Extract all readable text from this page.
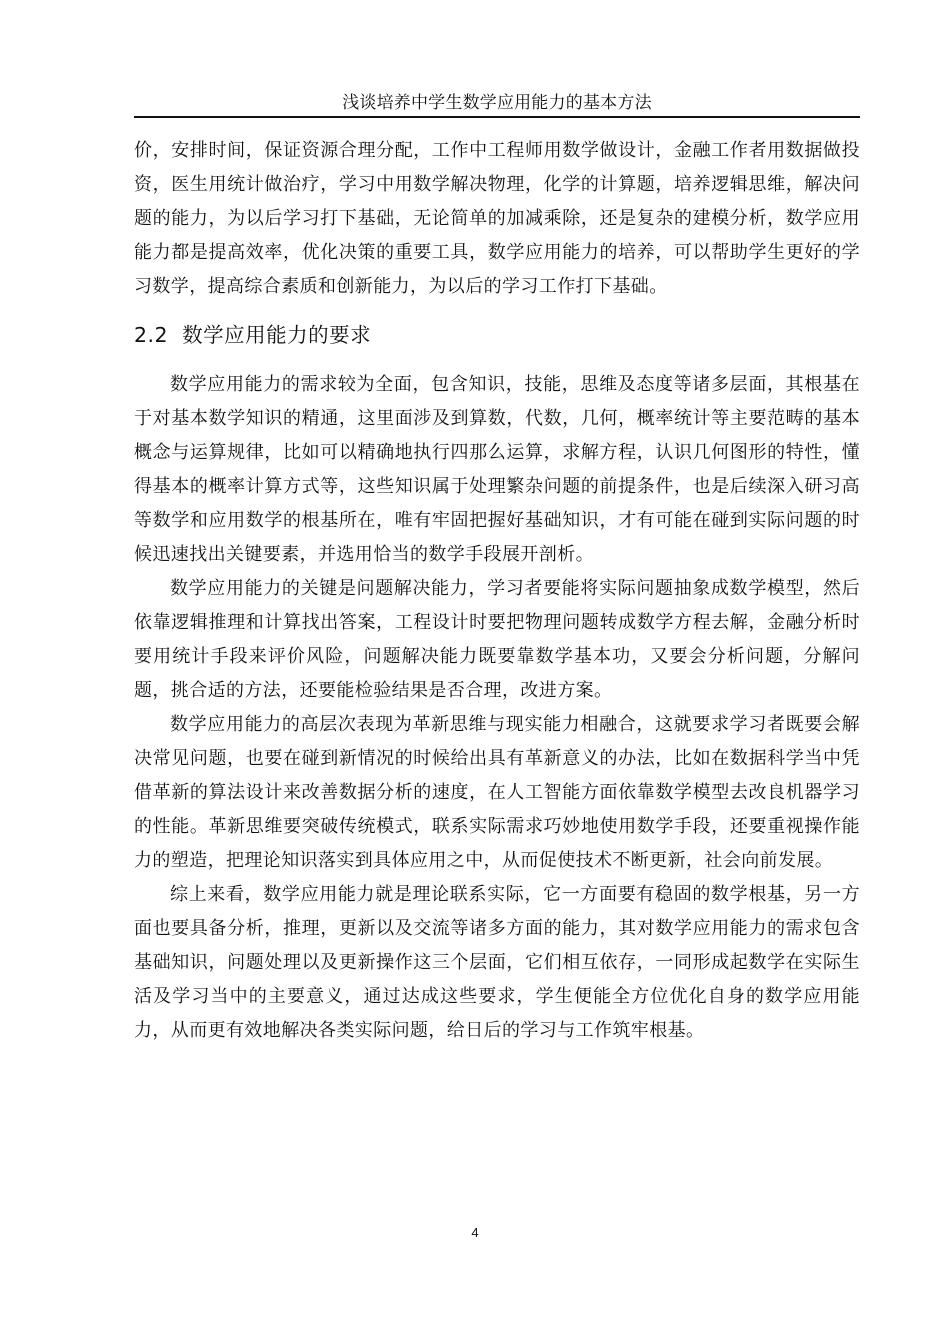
浅谈培养中学生数学应用能力的基本方法

价，安排时间，保证资源合理分配，工作中工程师用数学做设计，金融工作者用数据做投资，医生用统计做治疗，学习中用数学解决物理，化学的计算题，培养逻辑思维，解决问题的能力，为以后学习打下基础，无论简单的加减乘除，还是复杂的建模分析，数学应用能力都是提高效率，优化决策的重要工具，数学应用能力的培养，可以帮助学生更好的学习数学，提高综合素质和创新能力，为以后的学习工作打下基础。

2.2 数学应用能力的要求

数学应用能力的需求较为全面，包含知识，技能，思维及态度等诸多层面，其根基在于对基本数学知识的精通，这里面涉及到算数，代数，几何，概率统计等主要范畴的基本概念与运算规律，比如可以精确地执行四那么运算，求解方程，认识几何图形的特性，懂得基本的概率计算方式等，这些知识属于处理繁杂问题的前提条件，也是后续深入研习高等数学和应用数学的根基所在，唯有牢固把握好基础知识，才有可能在碰到实际问题的时候迅速找出关键要素，并选用恰当的数学手段展开剖析。

数学应用能力的关键是问题解决能力，学习者要能将实际问题抽象成数学模型，然后依靠逻辑推理和计算找出答案，工程设计时要把物理问题转成数学方程去解，金融分析时要用统计手段来评价风险，问题解决能力既要靠数学基本功，又要会分析问题，分解问题，挑合适的方法，还要能检验结果是否合理，改进方案。

数学应用能力的高层次表现为革新思维与现实能力相融合，这就要求学习者既要会解决常见问题，也要在碰到新情况的时候给出具有革新意义的办法，比如在数据科学当中凭借革新的算法设计来改善数据分析的速度，在人工智能方面依靠数学模型去改良机器学习的性能。革新思维要突破传统模式，联系实际需求巧妙地使用数学手段，还要重视操作能力的塑造，把理论知识落实到具体应用之中，从而促使技术不断更新，社会向前发展。

综上来看，数学应用能力就是理论联系实际，它一方面要有稳固的数学根基，另一方面也要具备分析，推理，更新以及交流等诸多方面的能力，其对数学应用能力的需求包含基础知识，问题处理以及更新操作这三个层面，它们相互依存，一同形成起数学在实际生活及学习当中的主要意义，通过达成这些要求，学生便能全方位优化自身的数学应用能力，从而更有效地解决各类实际问题，给日后的学习与工作筑牢根基。

4
